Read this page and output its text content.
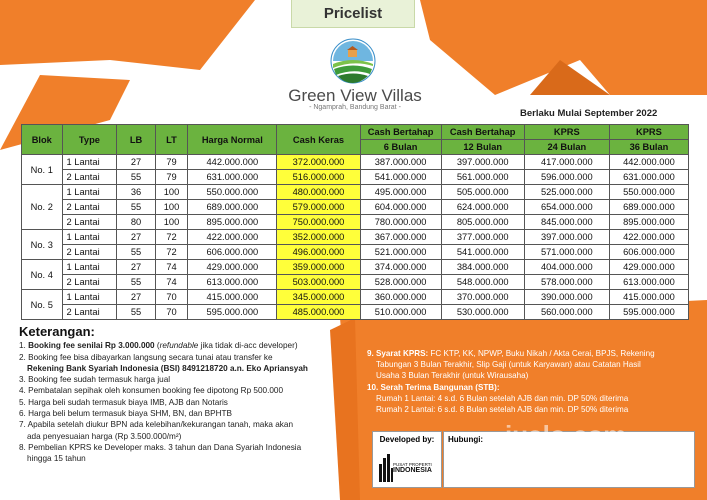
Pricelist
Green View Villas
- Ngamprah, Bandung Barat -
Berlaku Mulai September 2022
Blok	Type	LB	LT	Harga Normal	Cash Keras	Cash Bertahap	Cash Bertahap	KPRS	KPRS
						6 Bulan	12 Bulan	24 Bulan	36 Bulan
No. 1	1 Lantai	27	79	442.000.000	372.000.000	387.000.000	397.000.000	417.000.000	442.000.000
	2 Lantai	55	79	631.000.000	516.000.000	541.000.000	561.000.000	596.000.000	631.000.000
No. 2	1 Lantai	36	100	550.000.000	480.000.000	495.000.000	505.000.000	525.000.000	550.000.000
	2 Lantai	55	100	689.000.000	579.000.000	604.000.000	624.000.000	654.000.000	689.000.000
	2 Lantai	80	100	895.000.000	750.000.000	780.000.000	805.000.000	845.000.000	895.000.000
No. 3	1 Lantai	27	72	422.000.000	352.000.000	367.000.000	377.000.000	397.000.000	422.000.000
	2 Lantai	55	72	606.000.000	496.000.000	521.000.000	541.000.000	571.000.000	606.000.000
No. 4	1 Lantai	27	74	429.000.000	359.000.000	374.000.000	384.000.000	404.000.000	429.000.000
	2 Lantai	55	74	613.000.000	503.000.000	528.000.000	548.000.000	578.000.000	613.000.000
No. 5	1 Lantai	27	70	415.000.000	345.000.000	360.000.000	370.000.000	390.000.000	415.000.000
	2 Lantai	55	70	595.000.000	485.000.000	510.000.000	530.000.000	560.000.000	595.000.000
Keterangan:
1. Booking fee senilai Rp 3.000.000 (refundable jika tidak di-acc developer)
2. Booking fee bisa dibayarkan langsung secara tunai atau transfer ke
Rekening Bank Syariah Indonesia (BSI) 8491218720 a.n. Eko Apriansyah
3. Booking fee sudah termasuk harga jual
4. Pembatalan sepihak oleh konsumen booking fee dipotong Rp 500.000
5. Harga beli sudah termasuk biaya IMB, AJB dan Notaris
6. Harga beli belum termasuk biaya SHM, BN, dan BPHTB
7. Apabila setelah diukur BPN ada kelebihan/kekurangan tanah, maka akan
ada penyesuaian harga (Rp 3.500.000/m²)
8. Pembelian KPRS ke Developer maks. 3 tahun dan Dana Syariah Indonesia
hingga 15 tahun
9. Syarat KPRS: FC KTP, KK, NPWP, Buku Nikah / Akta Cerai, BPJS, Rekening
Tabungan 3 Bulan Terakhir, Slip Gaji (untuk Karyawan) atau Catatan Hasil
Usaha 3 Bulan Terakhir (untuk Wirausaha)
10. Serah Terima Bangunan (STB):
Rumah 1 Lantai: 4 s.d. 6 Bulan setelah AJB dan min. DP 50% diterima
Rumah 2 Lantai: 6 s.d. 8 Bulan setelah AJB dan min. DP 50% diterima
Developed by:
PUSAT PROPERTI
INDONESIA
Hubungi: jualo.com
